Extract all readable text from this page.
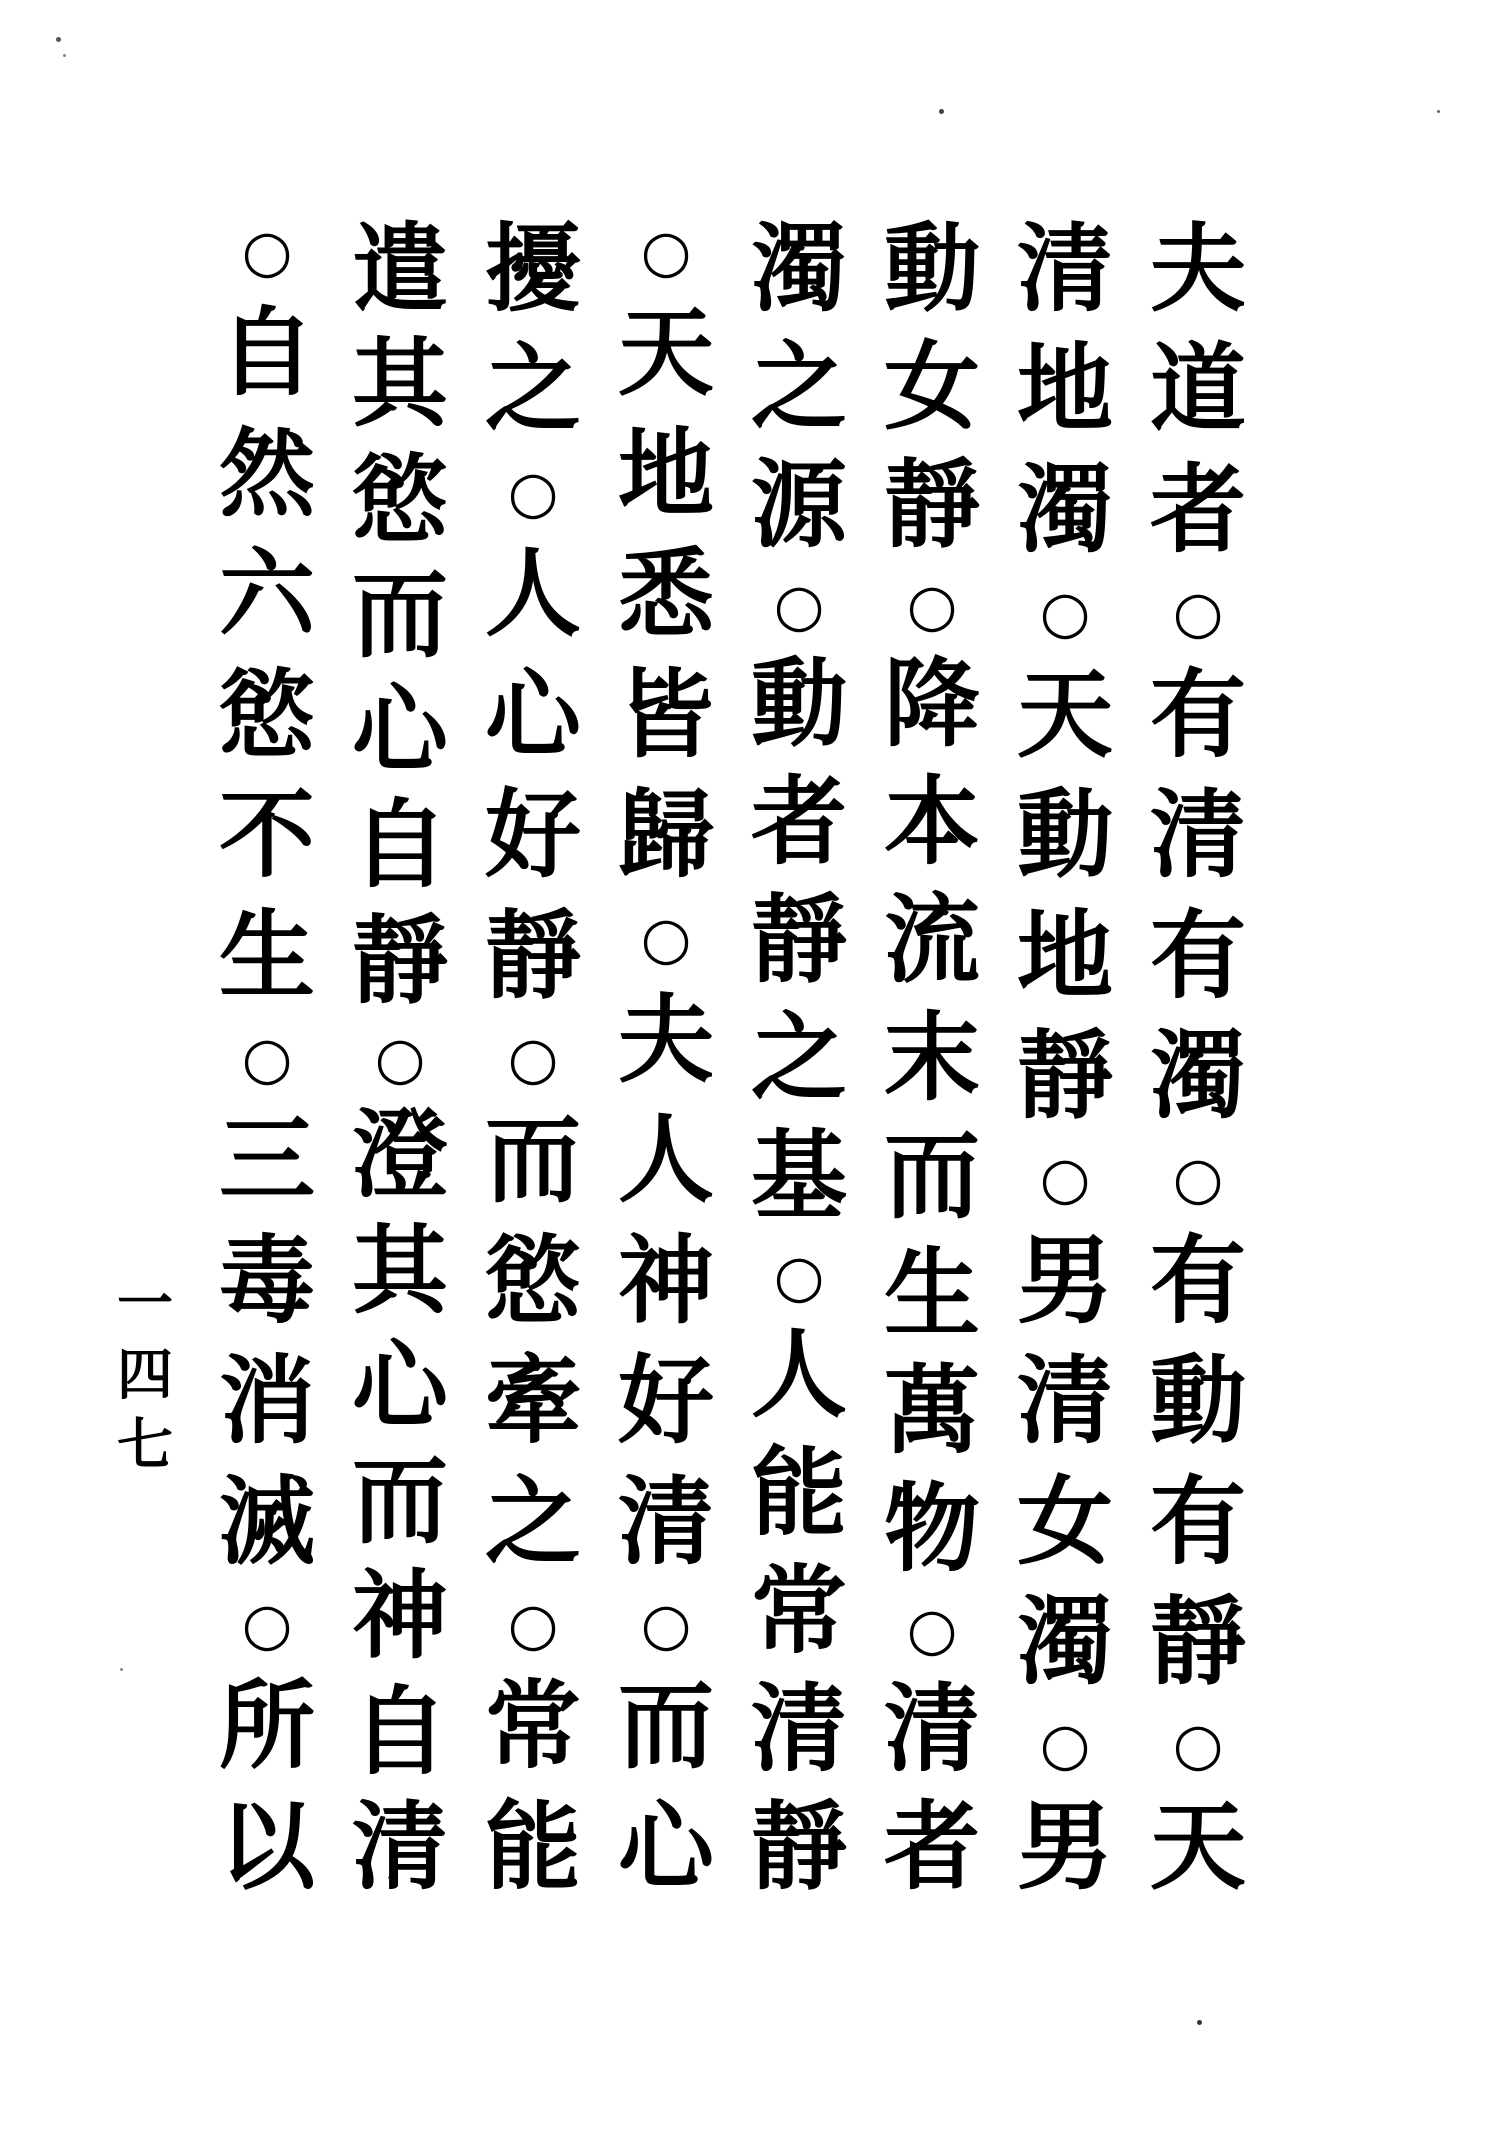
夫
道
者
○
有
清
有
濁
○
有
動
有
靜
○
天
清
地
濁
○
天
動
地
靜
○
男
清
女
濁
○
男
動
女
靜
○
降
本
流
末
而
生
萬
物
○
清
者
濁
之
源
○
動
者
靜
之
基
○
人
能
常
清
靜
○
天
地
悉
皆
歸
○
夫
人
神
好
清
○
而
心
擾
之
○
人
心
好
靜
○
而
慾
牽
之
○
常
能
遣
其
慾
而
心
自
靜
○
澄
其
心
而
神
自
清
○
自
然
六
慾
不
生
○
三
毒
消
滅
○
所
以
一
四
七
